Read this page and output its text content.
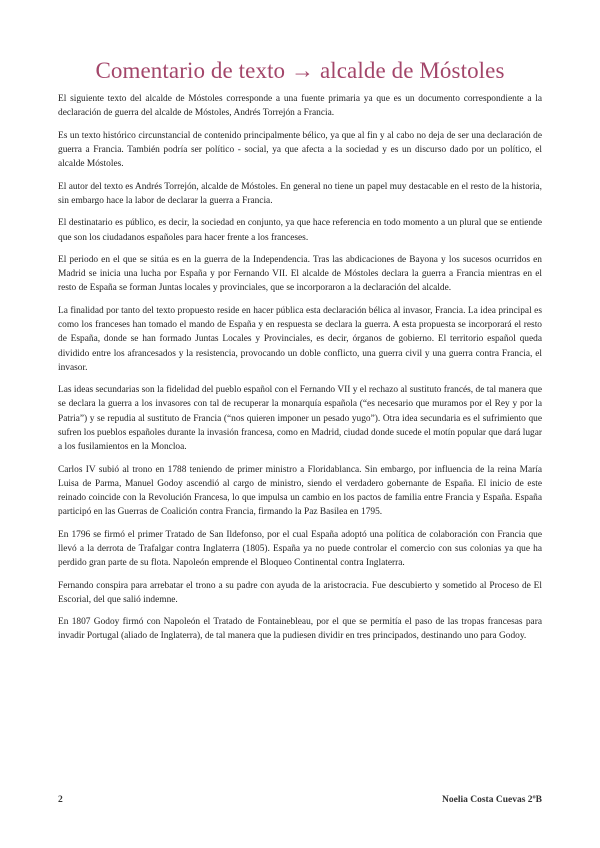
Comentario de texto → alcalde de Móstoles

El siguiente texto del alcalde de Móstoles corresponde a una fuente primaria ya que es un documento correspondiente a la declaración de guerra del alcalde de Móstoles, Andrés Torrejón a Francia.

Es un texto histórico circunstancial de contenido principalmente bélico, ya que al fin y al cabo no deja de ser una declaración de guerra a Francia. También podría ser político - social, ya que afecta a la sociedad y es un discurso dado por un político, el alcalde Móstoles.

El autor del texto es Andrés Torrejón, alcalde de Móstoles. En general no tiene un papel muy destacable en el resto de la historia, sin embargo hace la labor de declarar la guerra a Francia.

El destinatario es público, es decir, la sociedad en conjunto, ya que hace referencia en todo momento a un plural que se entiende que son los ciudadanos españoles para hacer frente a los franceses.

El periodo en el que se sitúa es en la guerra de la Independencia. Tras las abdicaciones de Bayona y los sucesos ocurridos en Madrid se inicia una lucha por España y por Fernando VII. El alcalde de Móstoles declara la guerra a Francia mientras en el resto de España se forman Juntas locales y provinciales, que se incorporaron a la declaración del alcalde.

La finalidad por tanto del texto propuesto reside en hacer pública esta declaración bélica al invasor, Francia. La idea principal es como los franceses han tomado el mando de España y en respuesta se declara la guerra. A esta propuesta se incorporará el resto de España, donde se han formado Juntas Locales y Provinciales, es decir, órganos de gobierno. El territorio español queda dividido entre los afrancesados y la resistencia, provocando un doble conflicto, una guerra civil y una guerra contra Francia, el invasor.

Las ideas secundarias son la fidelidad del pueblo español con el Fernando VII y el rechazo al sustituto francés, de tal manera que se declara la guerra a los invasores con tal de recuperar la monarquía española (“es necesario que muramos por el Rey y por la Patria”) y se repudia al sustituto de Francia (“nos quieren imponer un pesado yugo”). Otra idea secundaria es el sufrimiento que sufren los pueblos españoles durante la invasión francesa, como en Madrid, ciudad donde sucede el motín popular que dará lugar a los fusilamientos en la Moncloa.

Carlos IV subió al trono en 1788 teniendo de primer ministro a Floridablanca. Sin embargo, por influencia de la reina María Luisa de Parma, Manuel Godoy ascendió al cargo de ministro, siendo el verdadero gobernante de España. El inicio de este reinado coincide con la Revolución Francesa, lo que impulsa un cambio en los pactos de familia entre Francia y España. España participó en las Guerras de Coalición contra Francia, firmando la Paz Basilea en 1795.

En 1796 se firmó el primer Tratado de San Ildefonso, por el cual España adoptó una política de colaboración con Francia que llevó a la derrota de Trafalgar contra Inglaterra (1805). España ya no puede controlar el comercio con sus colonias ya que ha perdido gran parte de su flota. Napoleón emprende el Bloqueo Continental contra Inglaterra.

Fernando conspira para arrebatar el trono a su padre con ayuda de la aristocracia. Fue descubierto y sometido al Proceso de El Escorial, del que salió indemne.

En 1807 Godoy firmó con Napoleón el Tratado de Fontainebleau, por el que se permitía el paso de las tropas francesas para invadir Portugal (aliado de Inglaterra), de tal manera que la pudiesen dividir en tres principados, destinando uno para Godoy.

2	Noelia Costa Cuevas 2ºB
